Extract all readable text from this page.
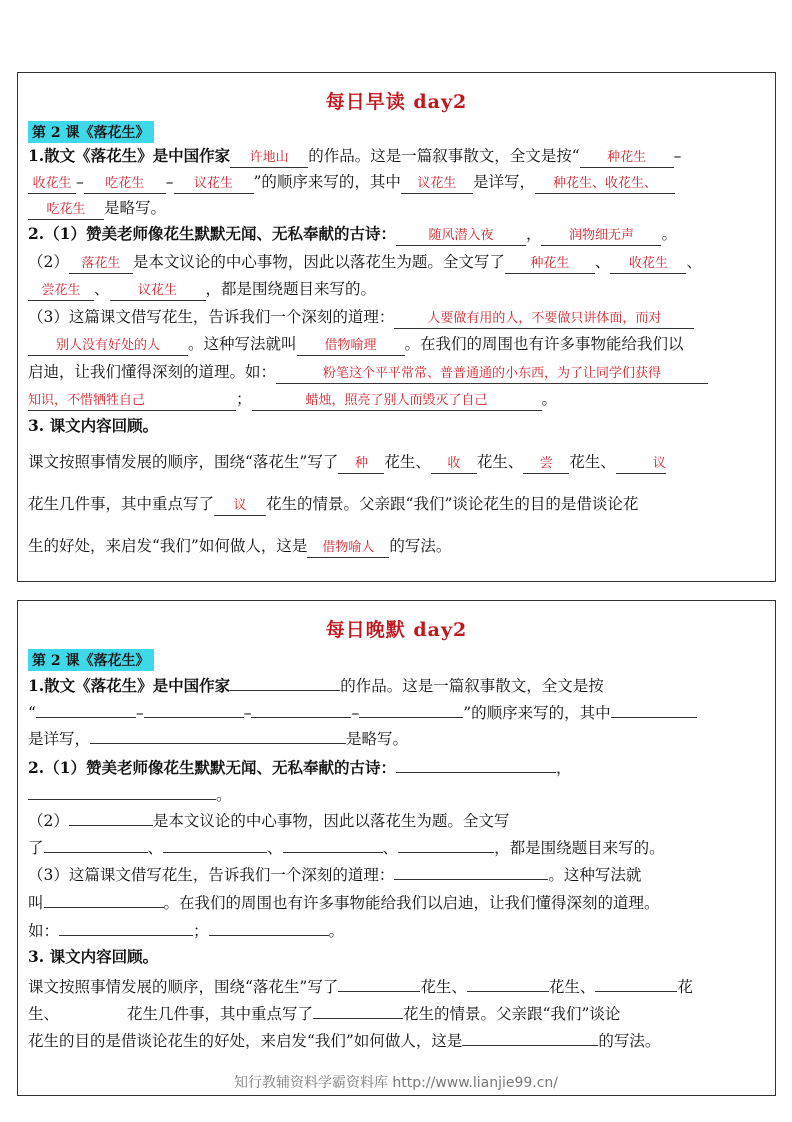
每日早读 day2
第 2 课《落花生》
1.散文《落花生》是中国作家 许地山 的作品。这是一篇叙事散文，全文是按“ 种花生 –
收花生 – 吃花生 – 议花生 ”的顺序来写的，其中 议花生 是详写， 种花生、收花生、
吃花生 是略写。
2.（1）赞美老师像花生默默无闻、无私奉献的古诗： 随风潜入夜 ， 润物细无声 。
（2） 落花生 是本文议论的中心事物，因此以落花生为题。全文写了 种花生 、 收花生 、
尝花生 、 议花生 ，都是围绕题目来写的。
（3）这篇课文借写花生，告诉我们一个深刻的道理：	人要做有用的人，不要做只讲体面，而对
别人没有好处的人 。这种写法就叫 借物喻理 。在我们的周围也有许多事物能给我们以
启迪，让我们懂得深刻的道理。如：	粉笔这个平平常常、普普通通的小东西，为了让同学们获得
知识，不惜牺牲自己	；	蜡烛，照亮了别人而毁灭了自己	。
3. 课文内容回顾。
课文按照事情发展的顺序，围绕“落花生”写了 种 花生、 收 花生、 尝 花生、	议
花生几件事，其中重点写了 议 花生的情景。父亲跟“我们”谈论花生的目的是借谈论花
生的好处，来启发“我们”如何做人，这是 借物喻人 的写法。
每日晚默 day2
第 2 课《落花生》
1.散文《落花生》是中国作家	的作品。这是一篇叙事散文，全文是按
“	–	–	–	”的顺序来写的，其中
是详写，	是略写。
2.（1）赞美老师像花生默默无闻、无私奉献的古诗：	，
。
（2）	是本文议论的中心事物，因此以落花生为题。全文写
了	、	、	、	，都是围绕题目来写的。
（3）这篇课文借写花生，告诉我们一个深刻的道理：	。这种写法就
叫	。在我们的周围也有许多事物能给我们以启迪，让我们懂得深刻的道理。
如：	；	。
3. 课文内容回顾。
课文按照事情发展的顺序，围绕“落花生”写了	花生、	花生、	花
生、	花生几件事，其中重点写了	花生的情景。父亲跟“我们”谈论
花生的目的是借谈论花生的好处，来启发“我们”如何做人，这是	的写法。
知行教辅资料学霸资料库 http://www.lianjie99.cn/
